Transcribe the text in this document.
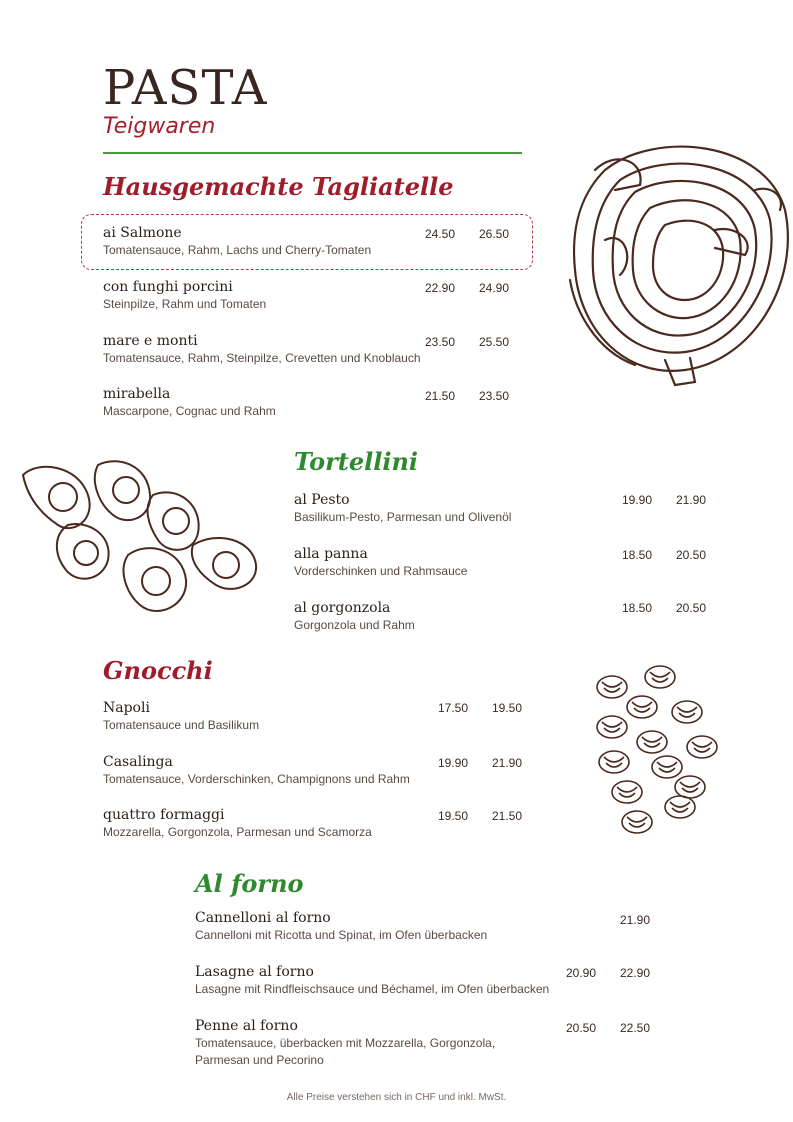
PASTA
Teigwaren
Hausgemachte Tagliatelle
ai Salmone
Tomatensauce, Rahm, Lachs und Cherry-Tomaten
24.50 26.50
con funghi porcini
Steinpilze, Rahm und Tomaten
22.90 24.90
mare e monti
Tomatensauce, Rahm, Steinpilze, Crevetten und Knoblauch
23.50 25.50
mirabella
Mascarpone, Cognac und Rahm
21.50 23.50
Tortellini
al Pesto
Basilikum-Pesto, Parmesan und Olivenöl
19.90 21.90
alla panna
Vorderschinken und Rahmsauce
18.50 20.50
al gorgonzola
Gorgonzola und Rahm
18.50 20.50
Gnocchi
Napoli
Tomatensauce und Basilikum
17.50 19.50
Casalinga
Tomatensauce, Vorderschinken, Champignons und Rahm
19.90 21.90
quattro formaggi
Mozzarella, Gorgonzola, Parmesan und Scamorza
19.50 21.50
Al forno
Cannelloni al forno
Cannelloni mit Ricotta und Spinat, im Ofen überbacken
21.90
Lasagne al forno
Lasagne mit Rindfleischsauce und Béchamel, im Ofen überbacken
20.90 22.90
Penne al forno
Tomatensauce, überbacken mit Mozzarella, Gorgonzola,
Parmesan und Pecorino
20.50 22.50
Alle Preise verstehen sich in CHF und inkl. MwSt.
